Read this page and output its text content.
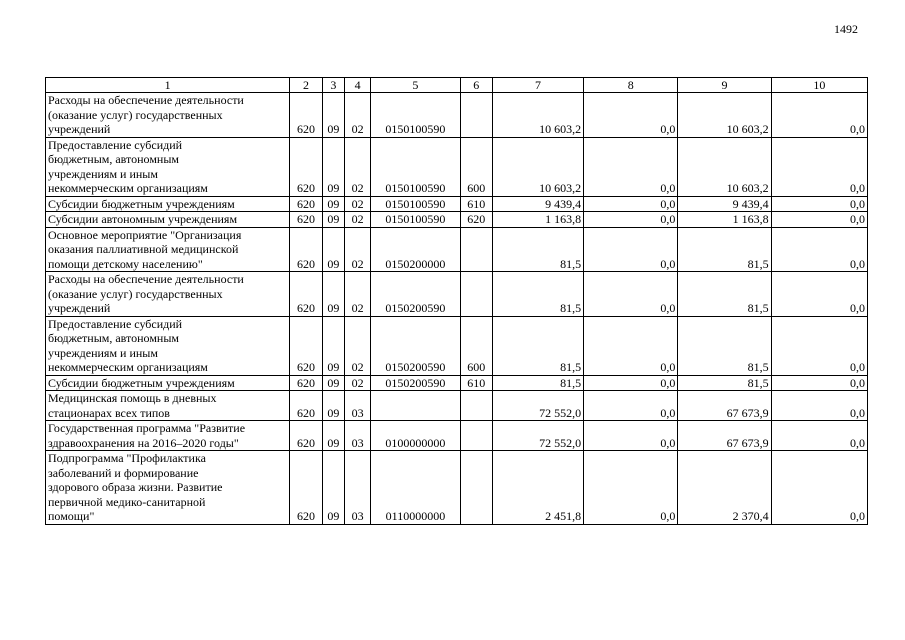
1492
1	2	3	4	5	6	7	8	9	10
Расходы на обеспечение деятельности
(оказание услуг) государственных
учреждений	620	09	02	0150100590		10 603,2	0,0	10 603,2	0,0
Предоставление субсидий
бюджетным, автономным
учреждениям и иным
некоммерческим организациям	620	09	02	0150100590	600	10 603,2	0,0	10 603,2	0,0
Субсидии бюджетным учреждениям	620	09	02	0150100590	610	9 439,4	0,0	9 439,4	0,0
Субсидии автономным учреждениям	620	09	02	0150100590	620	1 163,8	0,0	1 163,8	0,0
Основное мероприятие "Организация
оказания паллиативной медицинской
помощи детскому населению"	620	09	02	0150200000		81,5	0,0	81,5	0,0
Расходы на обеспечение деятельности
(оказание услуг) государственных
учреждений	620	09	02	0150200590		81,5	0,0	81,5	0,0
Предоставление субсидий
бюджетным, автономным
учреждениям и иным
некоммерческим организациям	620	09	02	0150200590	600	81,5	0,0	81,5	0,0
Субсидии бюджетным учреждениям	620	09	02	0150200590	610	81,5	0,0	81,5	0,0
Медицинская помощь в дневных
стационарах всех типов	620	09	03			72 552,0	0,0	67 673,9	0,0
Государственная программа "Развитие
здравоохранения на 2016–2020 годы"	620	09	03	0100000000		72 552,0	0,0	67 673,9	0,0
Подпрограмма "Профилактика
заболеваний и формирование
здорового образа жизни. Развитие
первичной медико-санитарной
помощи"	620	09	03	0110000000		2 451,8	0,0	2 370,4	0,0
